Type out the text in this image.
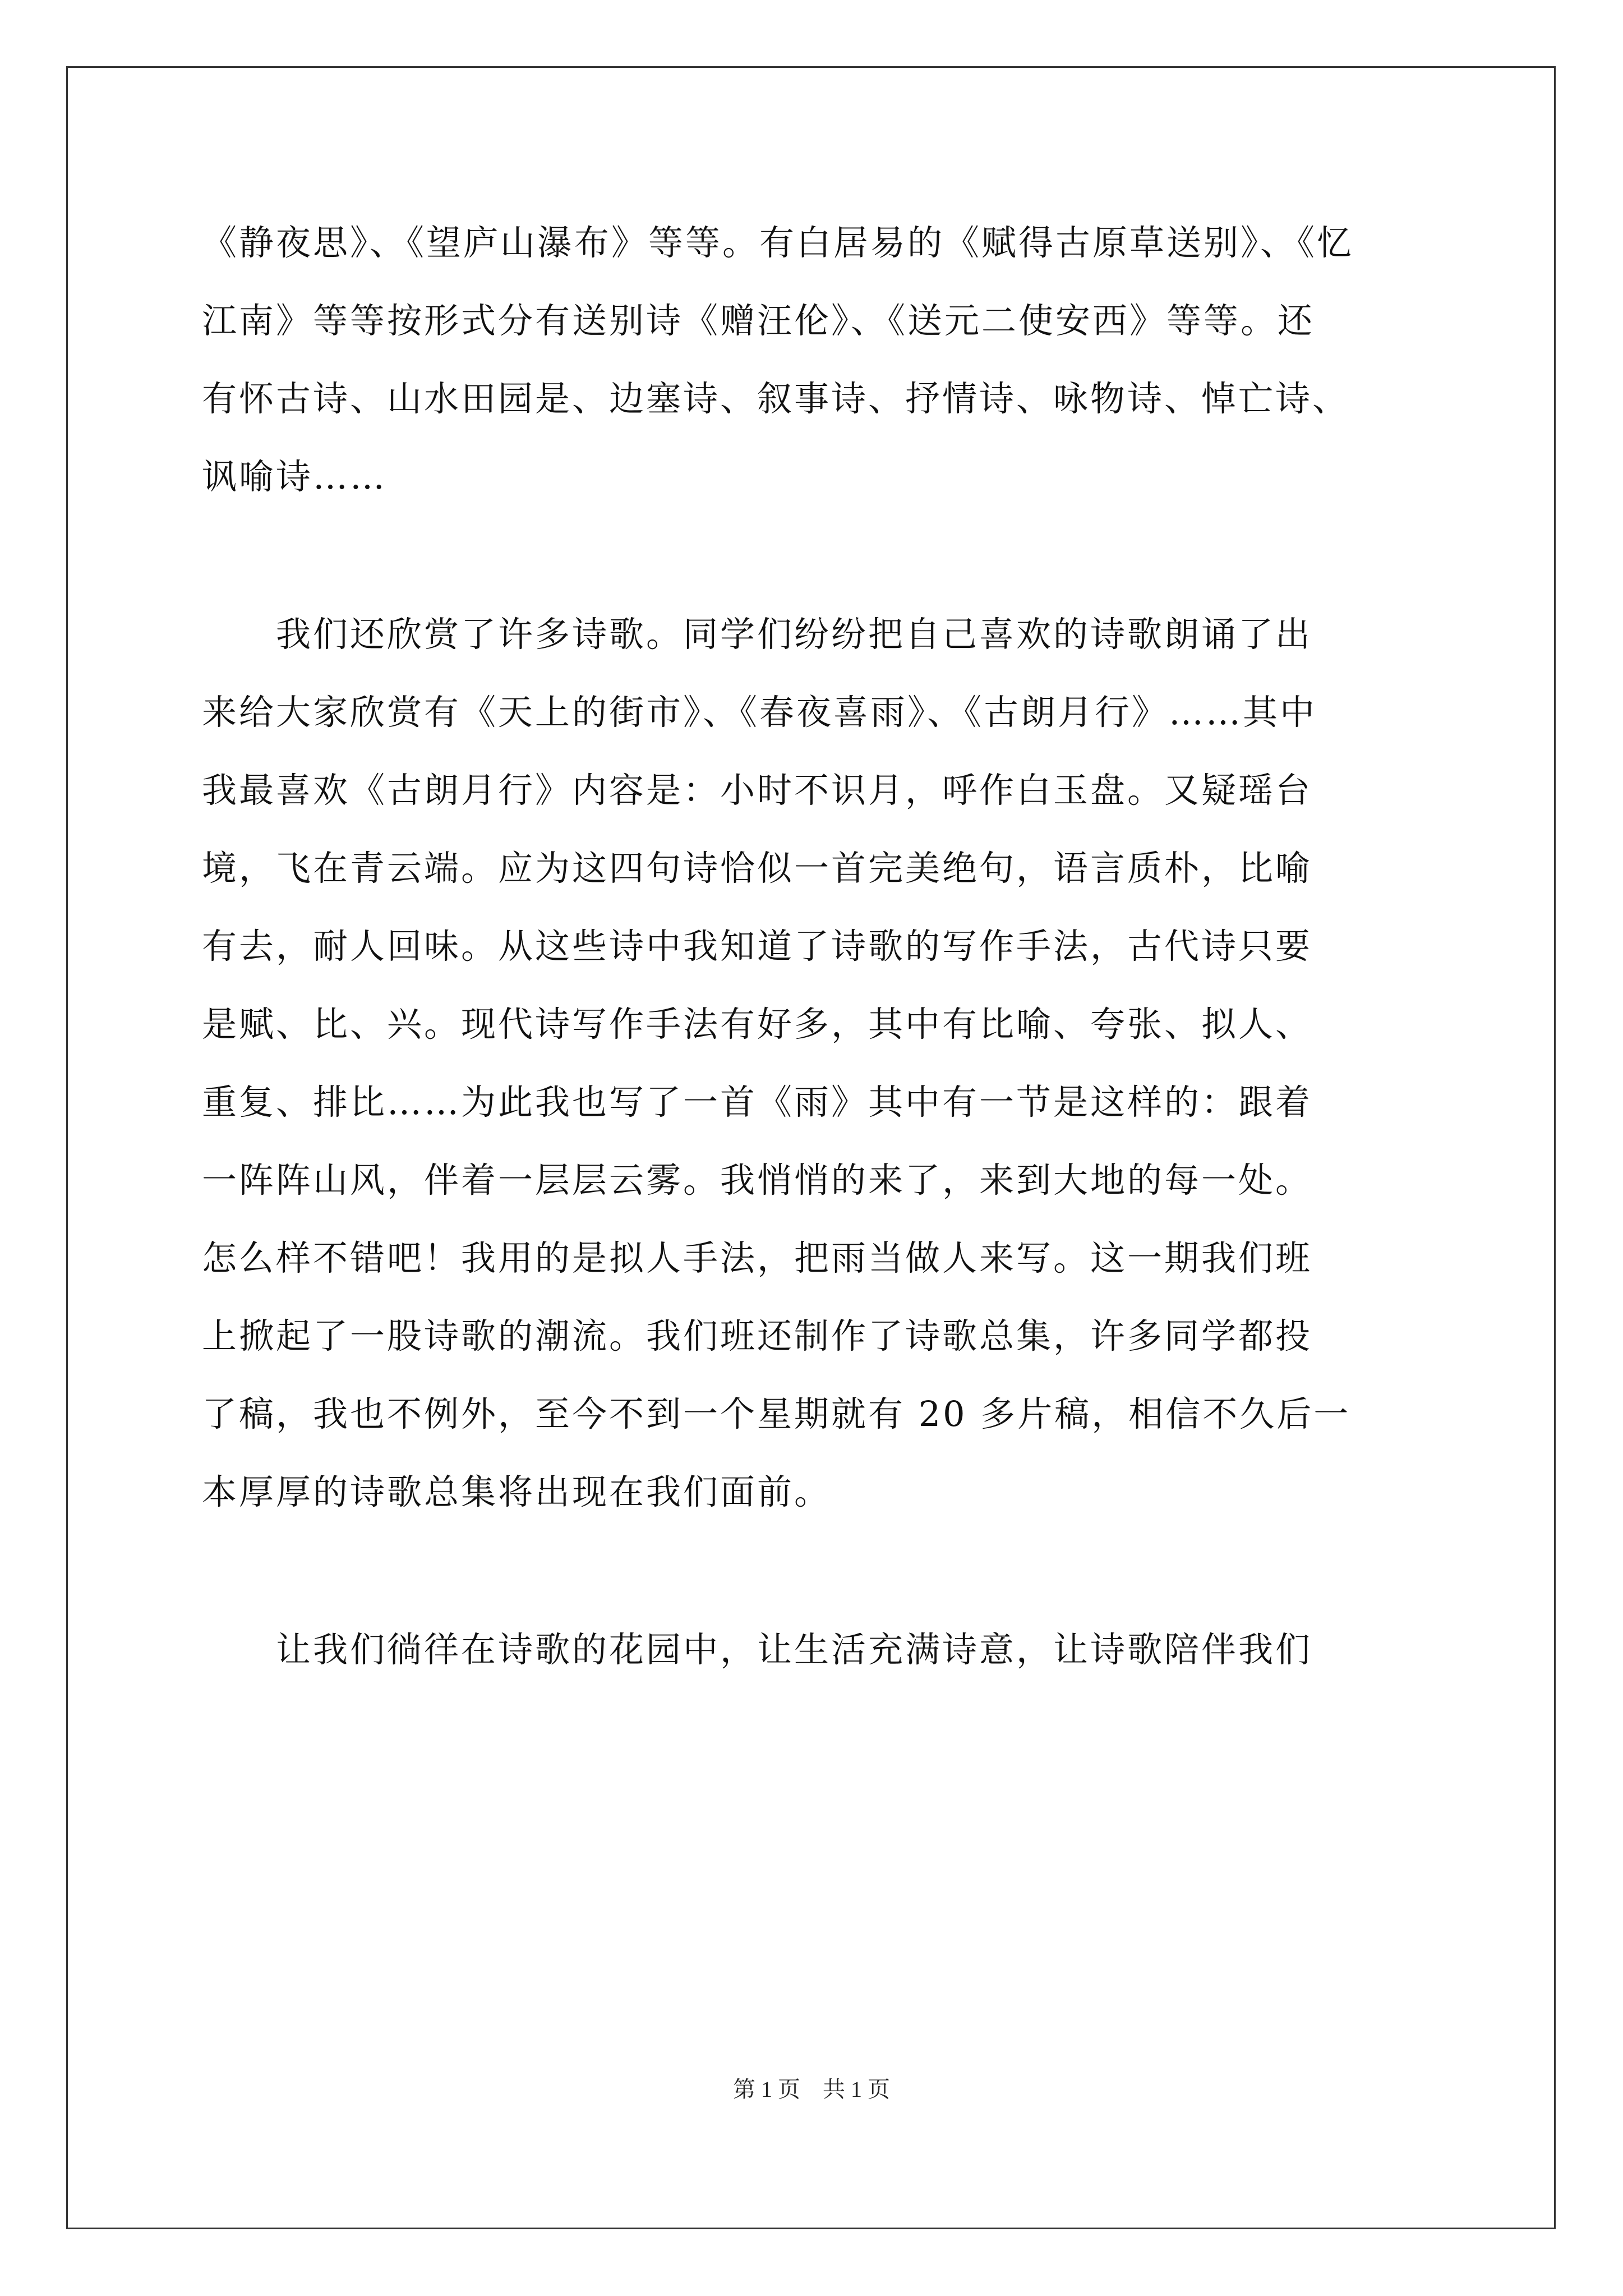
《静夜思》、《望庐山瀑布》等等。有白居易的《赋得古原草送别》、《忆
江南》等等按形式分有送别诗《赠汪伦》、《送元二使安西》等等。还
有怀古诗、山水田园是、边塞诗、叙事诗、抒情诗、咏物诗、悼亡诗、
讽喻诗……
　　我们还欣赏了许多诗歌。同学们纷纷把自己喜欢的诗歌朗诵了出
来给大家欣赏有《天上的街市》、《春夜喜雨》、《古朗月行》……其中
我最喜欢《古朗月行》内容是：小时不识月，呼作白玉盘。又疑瑶台
境，飞在青云端。应为这四句诗恰似一首完美绝句，语言质朴，比喻
有去，耐人回味。从这些诗中我知道了诗歌的写作手法，古代诗只要
是赋、比、兴。现代诗写作手法有好多，其中有比喻、夸张、拟人、
重复、排比……为此我也写了一首《雨》其中有一节是这样的：跟着
一阵阵山风，伴着一层层云雾。我悄悄的来了，来到大地的每一处。
怎么样不错吧！我用的是拟人手法，把雨当做人来写。这一期我们班
上掀起了一股诗歌的潮流。我们班还制作了诗歌总集，许多同学都投
了稿，我也不例外，至今不到一个星期就有 20 多片稿，相信不久后一
本厚厚的诗歌总集将出现在我们面前。
　　让我们徜徉在诗歌的花园中，让生活充满诗意，让诗歌陪伴我们
第 1 页　共 1 页
